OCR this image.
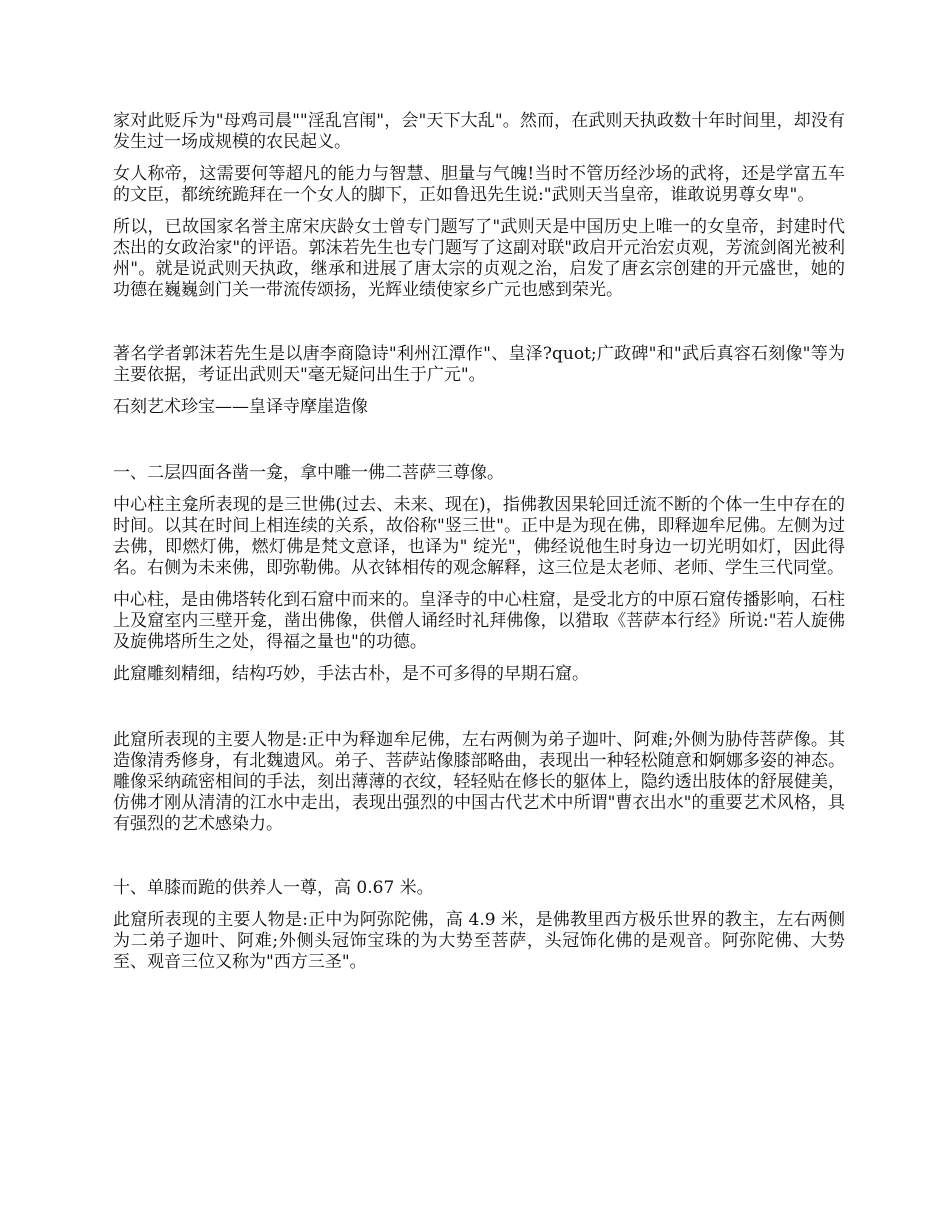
家对此贬斥为"母鸡司晨""淫乱宫闱"，会"天下大乱"。然而，在武则天执政数十年时间里，却没有发生过一场成规模的农民起义。

女人称帝，这需要何等超凡的能力与智慧、胆量与气魄!当时不管历经沙场的武将，还是学富五车的文臣，都统统跪拜在一个女人的脚下，正如鲁迅先生说:"武则天当皇帝，谁敢说男尊女卑"。

所以，已故国家名誉主席宋庆龄女士曾专门题写了"武则天是中国历史上唯一的女皇帝，封建时代杰出的女政治家"的评语。郭沫若先生也专门题写了这副对联"政启开元治宏贞观，芳流剑阁光被利州"。就是说武则天执政，继承和进展了唐太宗的贞观之治，启发了唐玄宗创建的开元盛世，她的功德在巍巍剑门关一带流传颂扬，光辉业绩使家乡广元也感到荣光。

著名学者郭沫若先生是以唐李商隐诗"利州江潭作"、皇泽?quot;广政碑"和"武后真容石刻像"等为主要依据，考证出武则天"毫无疑问出生于广元"。

石刻艺术珍宝——皇译寺摩崖造像

一、二层四面各凿一龛，拿中雕一佛二菩萨三尊像。

中心柱主龛所表现的是三世佛(过去、未来、现在)，指佛教因果轮回迁流不断的个体一生中存在的时间。以其在时间上相连续的关系，故俗称"竖三世"。正中是为现在佛，即释迦牟尼佛。左侧为过去佛，即燃灯佛，燃灯佛是梵文意译，也译为" 绽光"，佛经说他生时身边一切光明如灯，因此得名。右侧为未来佛，即弥勒佛。从衣钵相传的观念解释，这三位是太老师、老师、学生三代同堂。

中心柱，是由佛塔转化到石窟中而来的。皇泽寺的中心柱窟，是受北方的中原石窟传播影响，石柱上及窟室内三壁开龛，凿出佛像，供僧人诵经时礼拜佛像，以猎取《菩萨本行经》所说:"若人旋佛及旋佛塔所生之处，得福之量也"的功德。

此窟雕刻精细，结构巧妙，手法古朴，是不可多得的早期石窟。

此窟所表现的主要人物是:正中为释迦牟尼佛，左右两侧为弟子迦叶、阿难;外侧为胁侍菩萨像。其造像清秀修身，有北魏遗风。弟子、菩萨站像膝部略曲，表现出一种轻松随意和婀娜多姿的神态。雕像采纳疏密相间的手法，刻出薄薄的衣纹，轻轻贴在修长的躯体上，隐约透出肢体的舒展健美，仿佛才刚从清清的江水中走出，表现出强烈的中国古代艺术中所谓"曹衣出水"的重要艺术风格，具有强烈的艺术感染力。

十、单膝而跪的供养人一尊，高 0.67 米。

此窟所表现的主要人物是:正中为阿弥陀佛，高 4.9 米，是佛教里西方极乐世界的教主，左右两侧为二弟子迦叶、阿难;外侧头冠饰宝珠的为大势至菩萨，头冠饰化佛的是观音。阿弥陀佛、大势至、观音三位又称为"西方三圣"。
